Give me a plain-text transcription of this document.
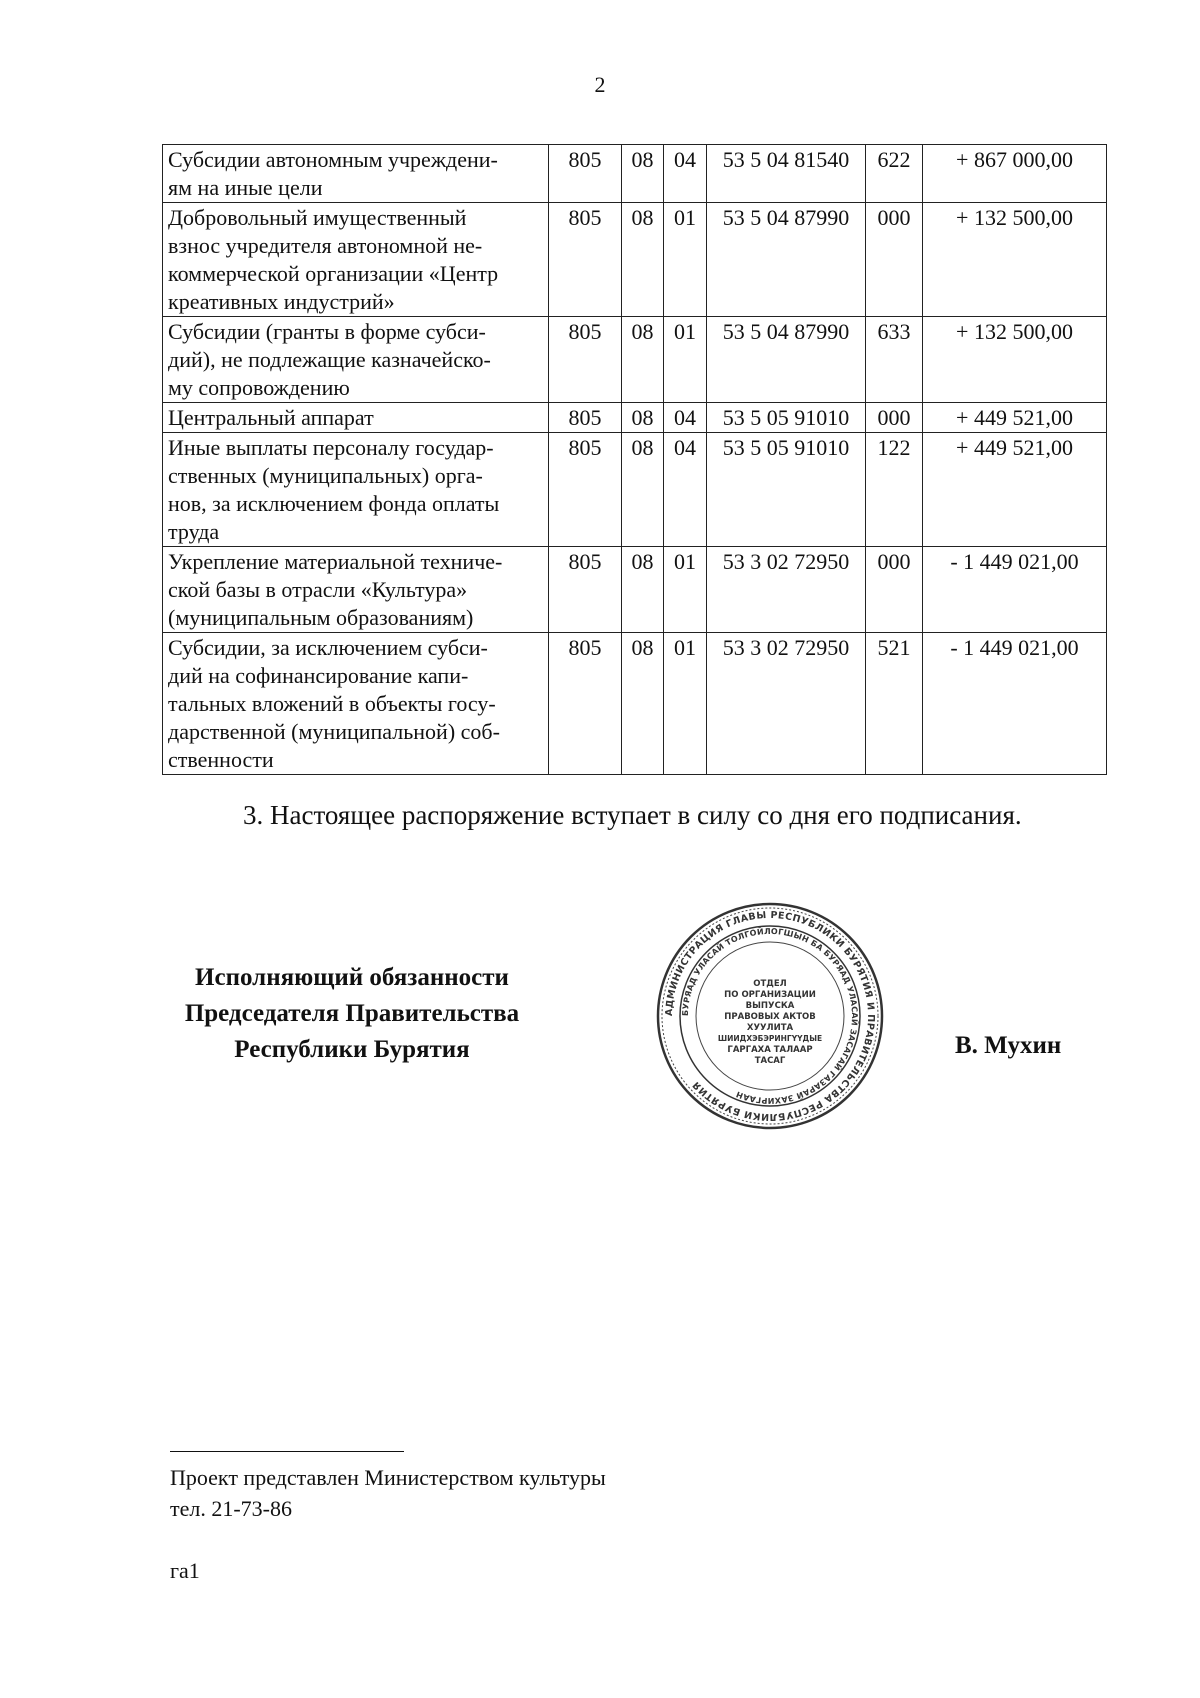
2
Субсидии автономным учреждени-
ям на иные цели	805	08	04	53 5 04 81540	622	+ 867 000,00

Добровольный имущественный
взнос учредителя автономной не-
коммерческой организации «Центр
креативных индустрий»	805	08	01	53 5 04 87990	000	+ 132 500,00

Субсидии (гранты в форме субси-
дий), не подлежащие казначейско-
му сопровождению	805	08	01	53 5 04 87990	633	+ 132 500,00

Центральный аппарат	805	08	04	53 5 05 91010	000	+ 449 521,00

Иные выплаты персоналу государ-
ственных (муниципальных) орга-
нов, за исключением фонда оплаты
труда	805	08	04	53 5 05 91010	122	+ 449 521,00

Укрепление материальной техниче-
ской базы в отрасли «Культура»
(муниципальным образованиям)	805	08	01	53 3 02 72950	000	- 1 449 021,00

Субсидии, за исключением субси-
дий на софинансирование капи-
тальных вложений в объекты госу-
дарственной (муниципальной) соб-
ственности	805	08	01	53 3 02 72950	521	- 1 449 021,00
3. Настоящее распоряжение вступает в силу со дня его подписания.
Исполняющий обязанности
Председателя Правительства
Республики Бурятия
АДМИНИСТРАЦИЯ ГЛАВЫ РЕСПУБЛИКИ БУРЯТИЯ И ПРАВИТЕЛЬСТВА РЕСПУБЛИКИ БУРЯТИЯ
БУРЯАД УЛАСАЙ ТОЛГОЙЛОГШЫН БА БУРЯАД УЛАСАЙ ЗАСАГАЙ ГАЗАРАЙ ЗАХИРГААН
ОТДЕЛ
ПО ОРГАНИЗАЦИИ
ВЫПУСКА
ПРАВОВЫХ АКТОВ
ХУУЛИТА
ШИИДХЭБЭРИНГҮҮДЫЕ
ГАРГАХА ТАЛААР
ТАСАГ
В. Мухин
Проект представлен Министерством культуры
тел. 21-73-86
га1
